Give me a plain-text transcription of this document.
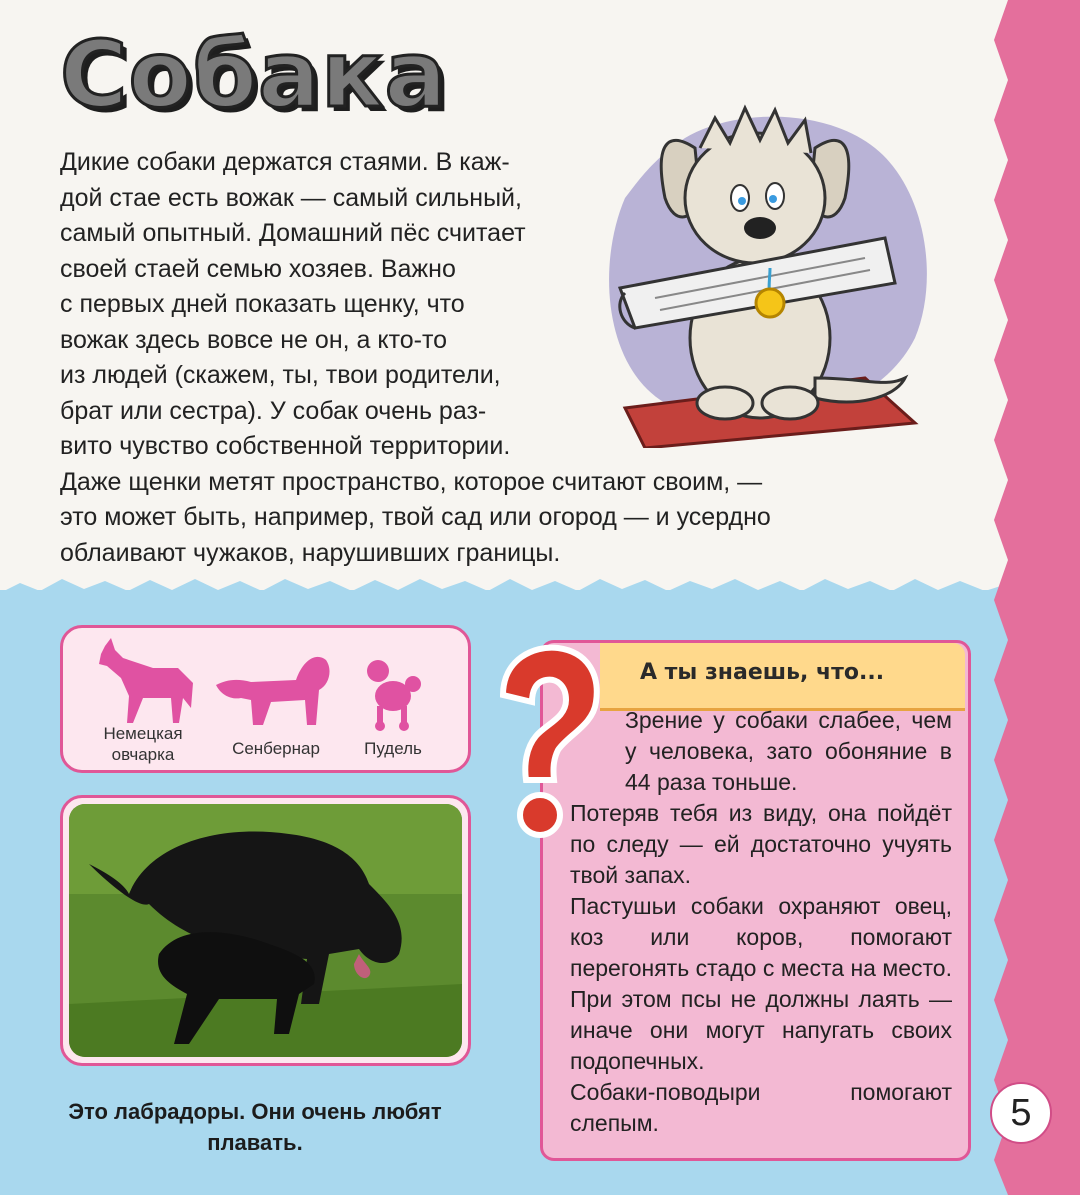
Собака

Дикие собаки держатся стаями. В каж-

дой стае есть вожак — самый сильный,

самый опытный. Домашний пёс считает

своей стаей семью хозяев. Важно

с первых дней показать щенку, что

вожак здесь вовсе не он, а кто-то

из людей (скажем, ты, твои родители,

брат или сестра). У собак очень раз-

вито чувство собственной территории.

Даже щенки метят пространство, которое считают своим, —

это может быть, например, твой сад или огород — и усердно

облаивают чужаков, нарушивших границы.

Немецкая овчарка	Сенбернар	Пудель
Это лабрадоры. Они очень любят плавать.
А ты знаешь, что...

Зрение у собаки слабее, чем у человека, зато обоняние в 44 раза тоньше.

Потеряв тебя из виду, она пойдёт по следу — ей достаточно учуять твой запах.

Пастушьи собаки охраняют овец, коз или коров, помогают перегонять стадо с места на место. При этом псы не должны лаять — иначе они могут напугать своих подопечных.

Собаки-поводыри помогают слепым.	5
